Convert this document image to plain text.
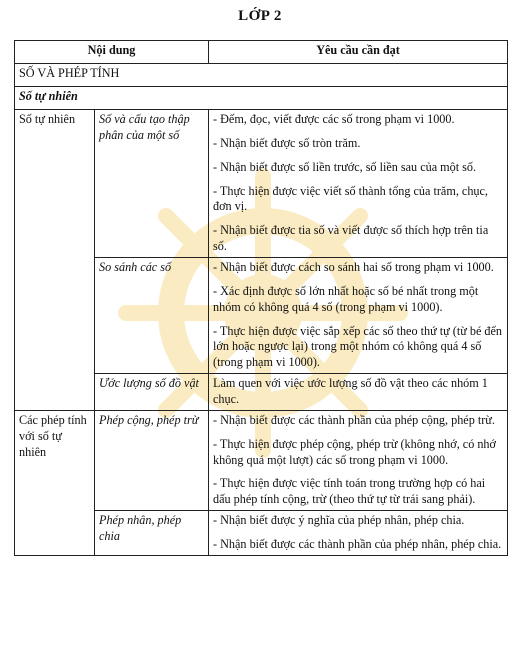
LỚP 2
Nội dung		Yêu cầu cần đạt
SỐ VÀ PHÉP TÍNH		
Số tự nhiên		
Số tự nhiên	Số và cấu tạo thập phân của một số	- Đếm, đọc, viết được các số trong phạm vi 1000.

- Nhận biết được số tròn trăm.

- Nhận biết được số liền trước, số liền sau của một số.

- Thực hiện được việc viết số thành tổng của trăm, chục, đơn vị.

- Nhận biết được tia số và viết được số thích hợp trên tia số.

	So sánh các số	- Nhận biết được cách so sánh hai số trong phạm vi 1000.

- Xác định được số lớn nhất hoặc số bé nhất trong một nhóm có không quá 4 số (trong phạm vi 1000).

- Thực hiện được việc sắp xếp các số theo thứ tự (từ bé đến lớn hoặc ngược lại) trong một nhóm có không quá 4 số (trong phạm vi 1000).

	Ước lượng số đồ vật	Làm quen với việc ước lượng số đồ vật theo các nhóm 1 chục.

Các phép tính với số tự nhiên	Phép cộng, phép trừ	- Nhận biết được các thành phần của phép cộng, phép trừ.

- Thực hiện được phép cộng, phép trừ (không nhớ, có nhớ không quá một lượt) các số trong phạm vi 1000.

- Thực hiện được việc tính toán trong trường hợp có hai dấu phép tính cộng, trừ (theo thứ tự từ trái sang phải).

	Phép nhân, phép chia	- Nhận biết được ý nghĩa của phép nhân, phép chia.

- Nhận biết được các thành phần của phép nhân, phép chia.
